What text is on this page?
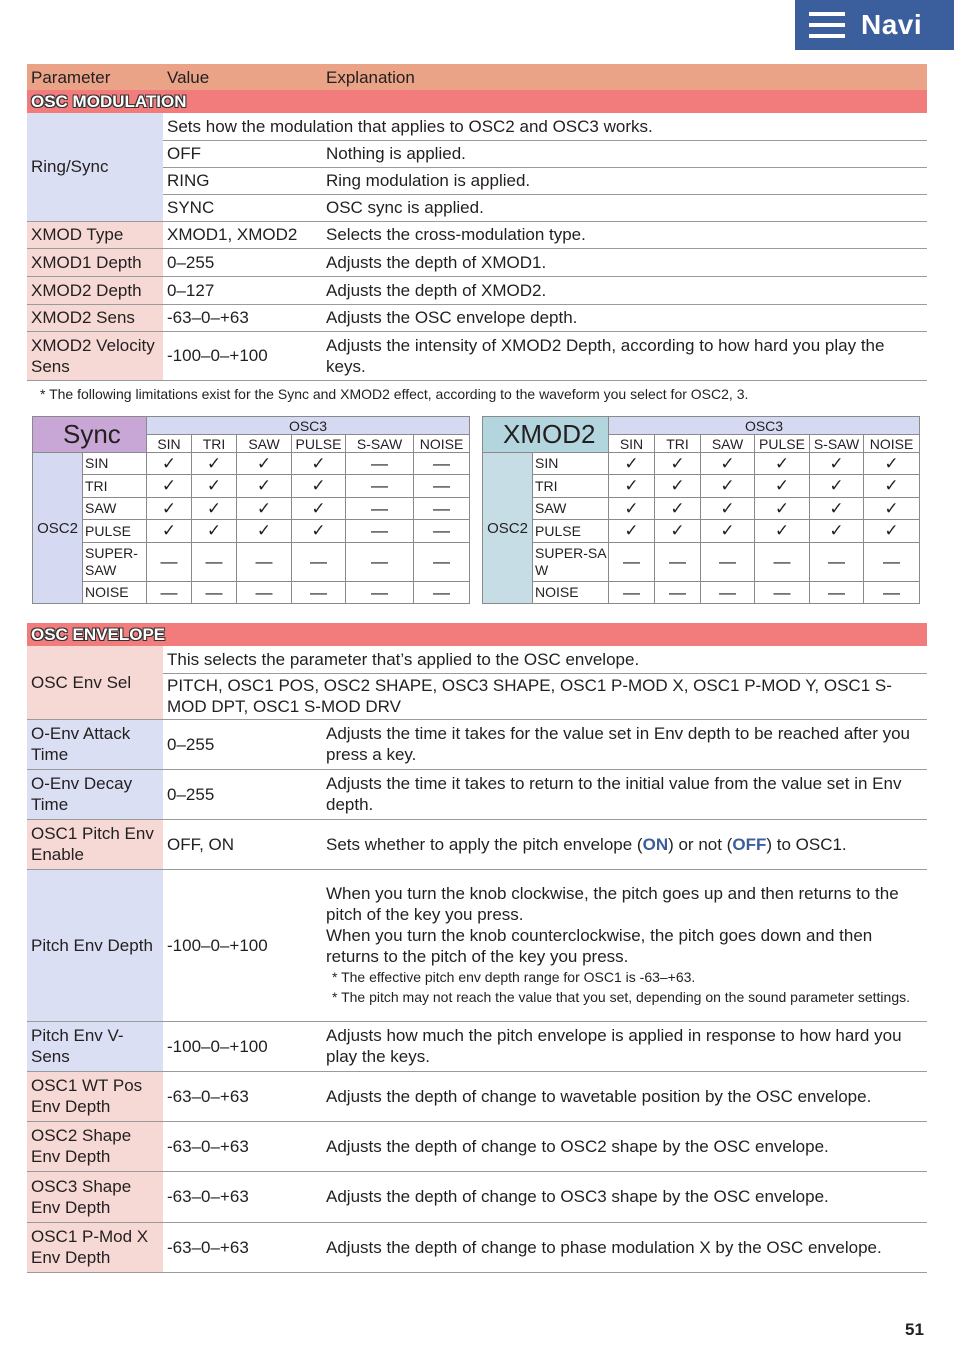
Navi
Parameter	Value	Explanation
OSC MODULATION		
Ring/Sync	Sets how the modulation that applies to OSC2 and OSC3 works.	
	OFF	Nothing is applied.
	RING	Ring modulation is applied.
	SYNC	OSC sync is applied.
XMOD Type	XMOD1, XMOD2	Selects the cross-modulation type.
XMOD1 Depth	0–255	Adjusts the depth of XMOD1.
XMOD2 Depth	0–127	Adjusts the depth of XMOD2.
XMOD2 Sens	-63–0–+63	Adjusts the OSC envelope depth.
XMOD2 Velocity Sens	-100–0–+100	Adjusts the intensity of XMOD2 Depth, according to how hard you play the keys.
* The following limitations exist for the Sync and XMOD2 effect, according to the waveform you select for OSC2, 3.
Sync		OSC3					
		SIN	TRI	SAW	PULSE	S-SAW	NOISE
OSC2	SIN	✓	✓	✓	✓	—	—
	TRI	✓	✓	✓	✓	—	—
	SAW	✓	✓	✓	✓	—	—
	PULSE	✓	✓	✓	✓	—	—
	SUPER-SAW	—	—	—	—	—	—
	NOISE	—	—	—	—	—	—
XMOD2		OSC3					
		SIN	TRI	SAW	PULSE	S-SAW	NOISE
OSC2	SIN	✓	✓	✓	✓	✓	✓
	TRI	✓	✓	✓	✓	✓	✓
	SAW	✓	✓	✓	✓	✓	✓
	PULSE	✓	✓	✓	✓	✓	✓
	SUPER-SAW	—	—	—	—	—	—
	NOISE	—	—	—	—	—	—
OSC ENVELOPE		
OSC Env Sel	This selects the parameter that’s applied to the OSC envelope.	
	PITCH, OSC1 POS, OSC2 SHAPE, OSC3 SHAPE, OSC1 P-MOD X, OSC1 P-MOD Y, OSC1 S-MOD DPT, OSC1 S-MOD DRV	
O-Env Attack Time	0–255	Adjusts the time it takes for the value set in Env depth to be reached after you press a key.
O-Env Decay Time	0–255	Adjusts the time it takes to return to the initial value from the value set in Env depth.
OSC1 Pitch Env Enable	OFF, ON	Sets whether to apply the pitch envelope (ON) or not (OFF) to OSC1.
Pitch Env Depth	-100–0–+100	When you turn the knob clockwise, the pitch goes up and then returns to the pitch of the key you press.
When you turn the knob counterclockwise, the pitch goes down and then returns to the pitch of the key you press.
* The effective pitch env depth range for OSC1 is -63–+63.
* The pitch may not reach the value that you set, depending on the sound parameter settings.

Pitch Env V-Sens	-100–0–+100	Adjusts how much the pitch envelope is applied in response to how hard you play the keys.
OSC1 WT Pos Env Depth	-63–0–+63	Adjusts the depth of change to wavetable position by the OSC envelope.
OSC2 Shape Env Depth	-63–0–+63	Adjusts the depth of change to OSC2 shape by the OSC envelope.
OSC3 Shape Env Depth	-63–0–+63	Adjusts the depth of change to OSC3 shape by the OSC envelope.
OSC1 P-Mod X Env Depth	-63–0–+63	Adjusts the depth of change to phase modulation X by the OSC envelope.
51
